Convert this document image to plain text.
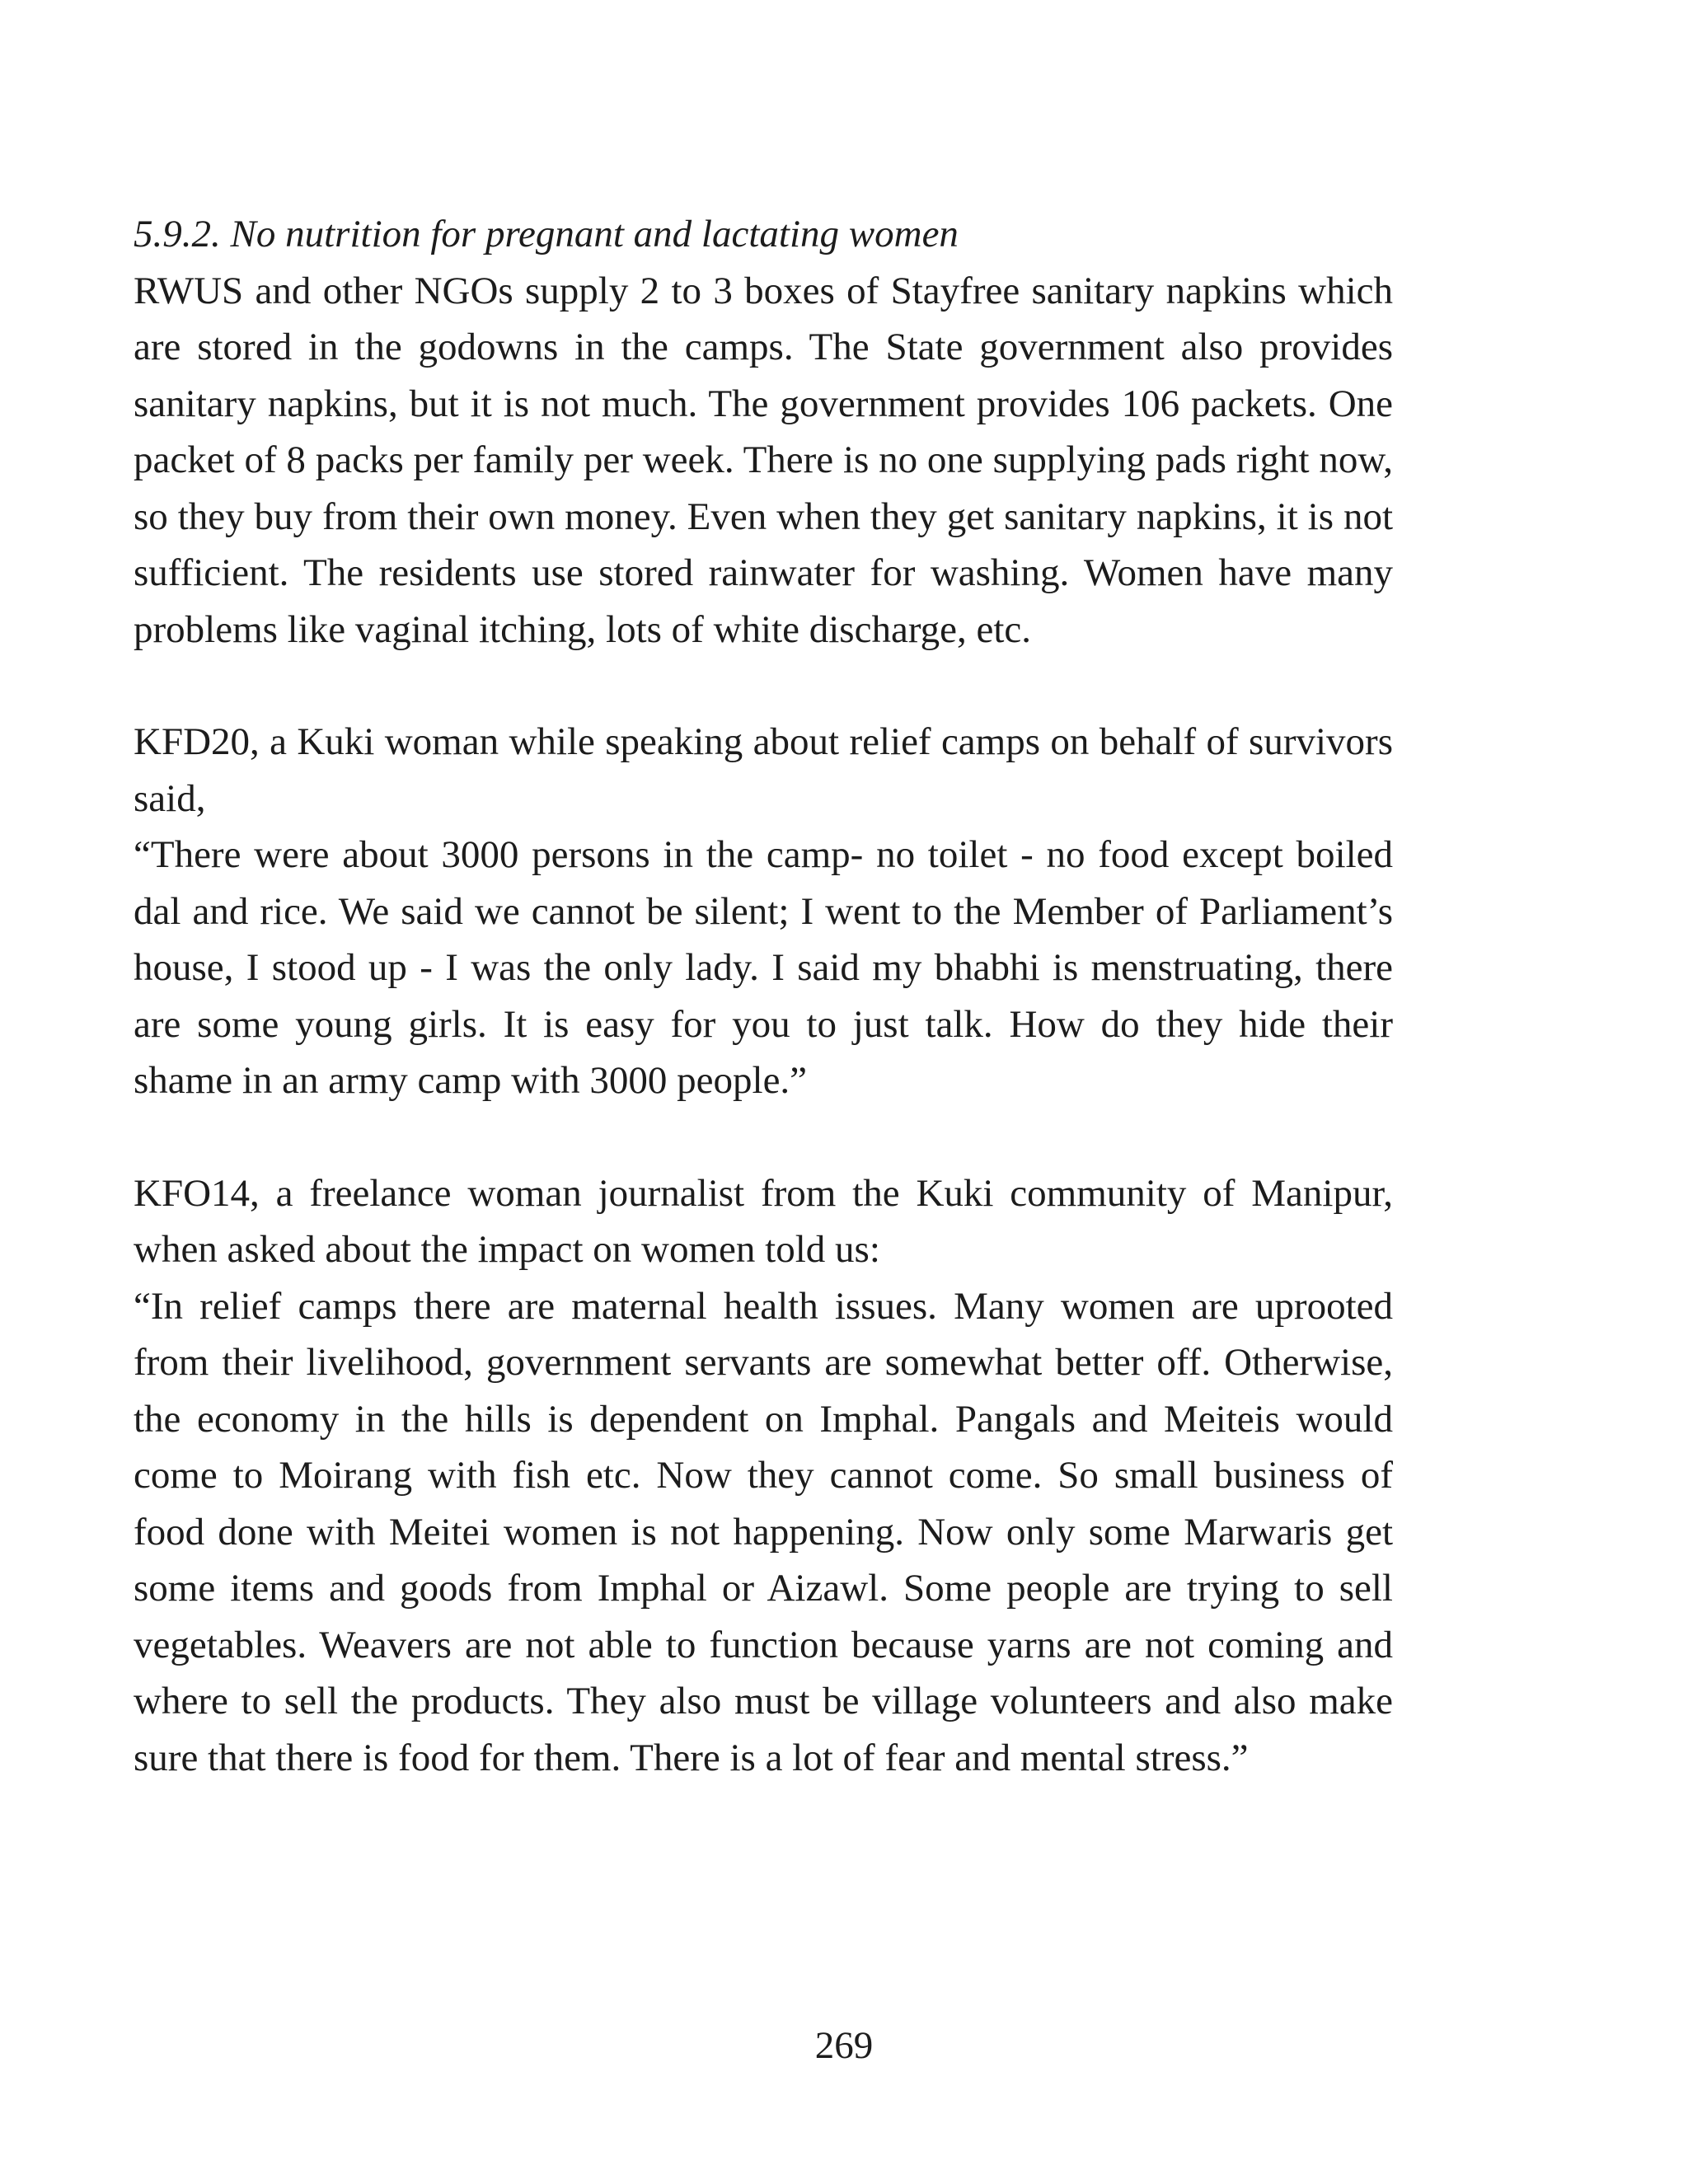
5.9.2. No nutrition for pregnant and lactating women

RWUS and other NGOs supply 2 to 3 boxes of Stayfree sanitary napkins which are stored in the godowns in the camps. The State government also provides sanitary napkins, but it is not much. The government provides 106 packets. One packet of 8 packs per family per week. There is no one supplying pads right now, so they buy from their own money. Even when they get sanitary napkins, it is not sufficient. The residents use stored rainwater for washing. Women have many problems like vaginal itching, lots of white discharge, etc.

KFD20, a Kuki woman while speaking about relief camps on behalf of survivors said,

“There were about 3000 persons in the camp- no toilet - no food except boiled dal and rice. We said we cannot be silent; I went to the Member of Parliament’s house, I stood up - I was the only lady. I said my bhabhi is menstruating, there are some young girls. It is easy for you to just talk. How do they hide their shame in an army camp with 3000 people.”

KFO14, a freelance woman journalist from the Kuki community of Manipur, when asked about the impact on women told us:

“In relief camps there are maternal health issues. Many women are uprooted from their livelihood, government servants are somewhat better off. Otherwise, the economy in the hills is dependent on Imphal. Pangals and Meiteis would come to Moirang with fish etc. Now they cannot come. So small business of food done with Meitei women is not happening. Now only some Marwaris get some items and goods from Imphal or Aizawl. Some people are trying to sell vegetables. Weavers are not able to function because yarns are not coming and where to sell the products. They also must be village volunteers and also make sure that there is food for them. There is a lot of fear and mental stress.”

269
